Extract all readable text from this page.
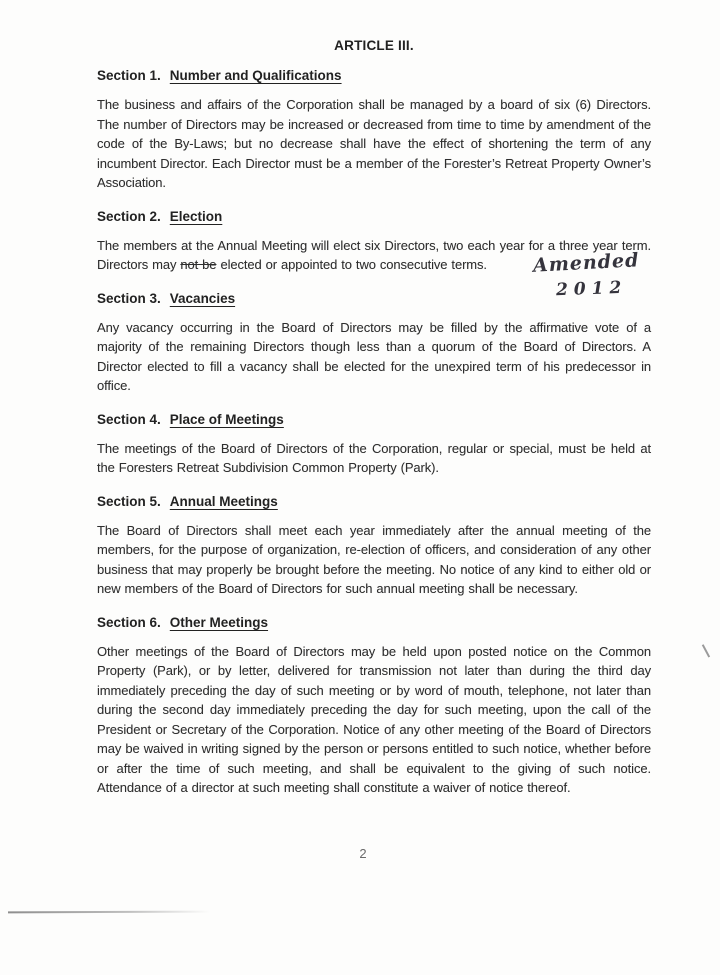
ARTICLE III.
Section 1. Number and Qualifications

The business and affairs of the Corporation shall be managed by a board of six (6) Directors. The number of Directors may be increased or decreased from time to time by amendment of the code of the By-Laws; but no decrease shall have the effect of shortening the term of any incumbent Director. Each Director must be a member of the Forester’s Retreat Property Owner’s Association.

Section 2. Election

The members at the Annual Meeting will elect six Directors, two each year for a three year term. Directors may not be elected or appointed to two consecutive terms.

Section 3. Vacancies

Any vacancy occurring in the Board of Directors may be filled by the affirmative vote of a majority of the remaining Directors though less than a quorum of the Board of Directors. A Director elected to fill a vacancy shall be elected for the unexpired term of his predecessor in office.

Section 4. Place of Meetings

The meetings of the Board of Directors of the Corporation, regular or special, must be held at the Foresters Retreat Subdivision Common Property (Park).

Section 5. Annual Meetings

The Board of Directors shall meet each year immediately after the annual meeting of the members, for the purpose of organization, re-election of officers, and consideration of any other business that may properly be brought before the meeting. No notice of any kind to either old or new members of the Board of Directors for such annual meeting shall be necessary.

Section 6. Other Meetings

Other meetings of the Board of Directors may be held upon posted notice on the Common Property (Park), or by letter, delivered for transmission not later than during the third day immediately preceding the day of such meeting or by word of mouth, telephone, not later than during the second day immediately preceding the day for such meeting, upon the call of the President or Secretary of the Corporation. Notice of any other meeting of the Board of Directors may be waived in writing signed by the person or persons entitled to such notice, whether before or after the time of such meeting, and shall be equivalent to the giving of such notice. Attendance of a director at such meeting shall constitute a waiver of notice thereof.

Amended
2012
2
